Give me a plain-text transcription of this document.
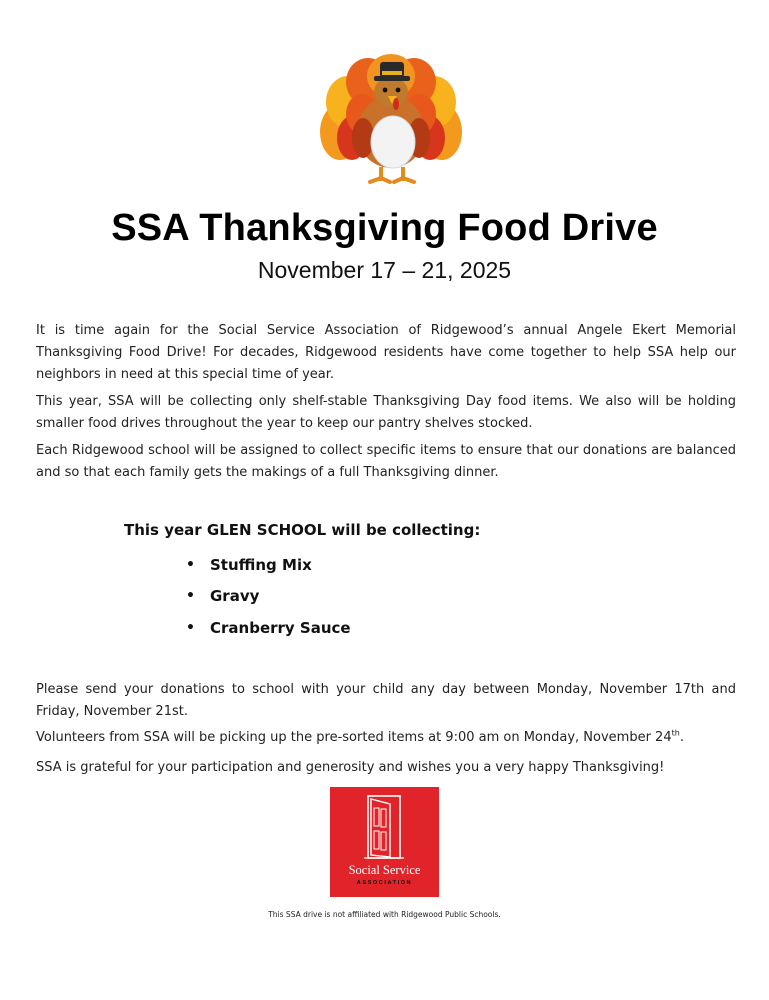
SSA Thanksgiving Food Drive
November 17 – 21, 2025

It is time again for the Social Service Association of Ridgewood’s annual Angele Ekert Memorial Thanksgiving Food Drive! For decades, Ridgewood residents have come together to help SSA help our neighbors in need at this special time of year.

This year, SSA will be collecting only shelf-stable Thanksgiving Day food items. We also will be holding smaller food drives throughout the year to keep our pantry shelves stocked.

Each Ridgewood school will be assigned to collect specific items to ensure that our donations are balanced and so that each family gets the makings of a full Thanksgiving dinner.

This year GLEN SCHOOL will be collecting:
•	Stuffing Mix
•	Gravy
•	Cranberry Sauce

Please send your donations to school with your child any day between Monday, November 17th and Friday, November 21st.

Volunteers from SSA will be picking up the pre-sorted items at 9:00 am on Monday, November 24th.

SSA is grateful for your participation and generosity and wishes you a very happy Thanksgiving!

Social Service
ASSOCIATION
This SSA drive is not affiliated with Ridgewood Public Schools.
